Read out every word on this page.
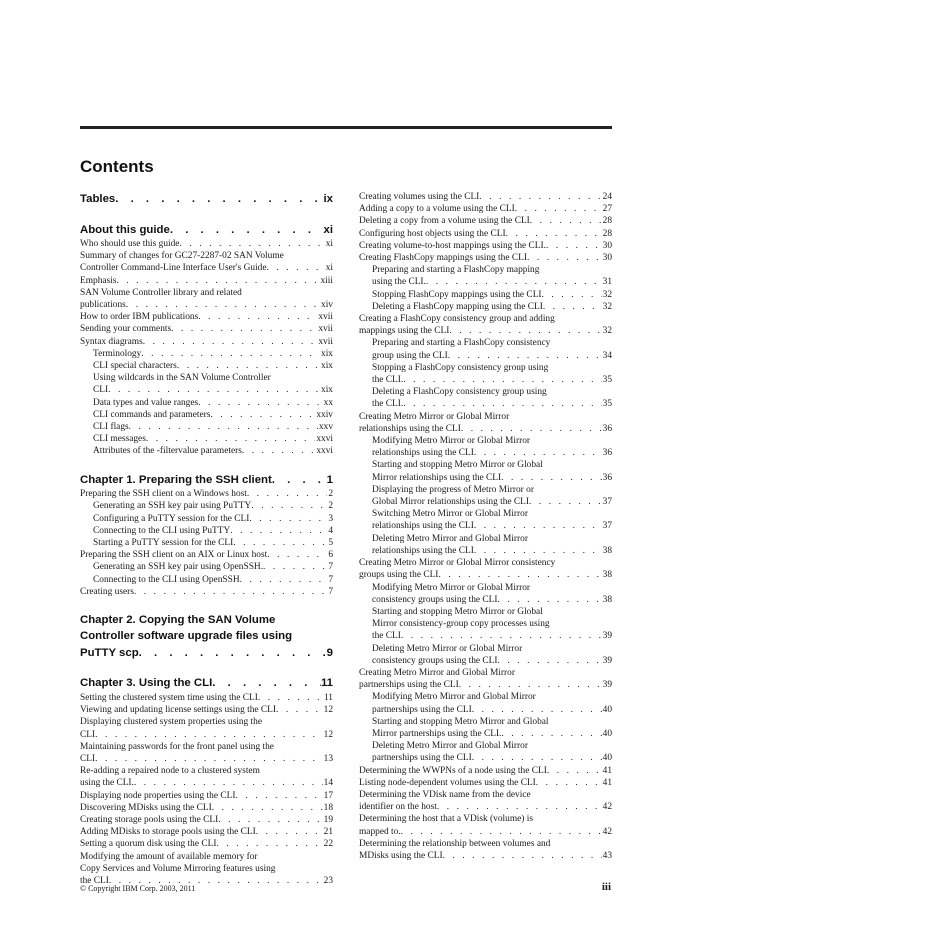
Contents
Tables . . .	ix
About this guide . . .	xi
Who should use this guide . . .	xi
Summary of changes for GC27-2287-02 SAN Volume
Controller Command-Line Interface User's Guide . . .	xi
Emphasis . . .	xiii
SAN Volume Controller library and related
publications . . .	xiv
How to order IBM publications . . .	xvii
Sending your comments . . .	xvii
Syntax diagrams . . .	xvii
Terminology . . .	xix
CLI special characters . . .	xix
Using wildcards in the SAN Volume Controller
CLI . . .	xix
Data types and value ranges . . .	xx
CLI commands and parameters . . .	xxiv
CLI flags . . .	xxv
CLI messages . . .	xxvi
Attributes of the -filtervalue parameters . . .	xxvi
Chapter 1. Preparing the SSH client . . .	1
Preparing the SSH client on a Windows host . . .	2
Generating an SSH key pair using PuTTY . . .	2
Configuring a PuTTY session for the CLI . . .	3
Connecting to the CLI using PuTTY . . .	4
Starting a PuTTY session for the CLI . . .	5
Preparing the SSH client on an AIX or Linux host . . .	6
Generating an SSH key pair using OpenSSH. . . .	7
Connecting to the CLI using OpenSSH . . .	7
Creating users . . .	7
Chapter 2. Copying the SAN Volume
Controller software upgrade files using
PuTTY scp . . .	9
Chapter 3. Using the CLI . . .	11
Setting the clustered system time using the CLI . . .	11
Viewing and updating license settings using the CLI . . .	12
Displaying clustered system properties using the
CLI . . .	12
Maintaining passwords for the front panel using the
CLI . . .	13
Re-adding a repaired node to a clustered system
using the CLI. . . .	14
Displaying node properties using the CLI . . .	17
Discovering MDisks using the CLI . . .	18
Creating storage pools using the CLI . . .	19
Adding MDisks to storage pools using the CLI . . .	21
Setting a quorum disk using the CLI . . .	22
Modifying the amount of available memory for
Copy Services and Volume Mirroring features using
the CLI . . .	23
Creating volumes using the CLI . . .	24
Adding a copy to a volume using the CLI . . .	27
Deleting a copy from a volume using the CLI . . .	28
Configuring host objects using the CLI . . .	28
Creating volume-to-host mappings using the CLI. . . .	30
Creating FlashCopy mappings using the CLI . . .	30
Preparing and starting a FlashCopy mapping
using the CLI. . . .	31
Stopping FlashCopy mappings using the CLI . . .	32
Deleting a FlashCopy mapping using the CLI . . .	32
Creating a FlashCopy consistency group and adding
mappings using the CLI . . .	32
Preparing and starting a FlashCopy consistency
group using the CLI . . .	34
Stopping a FlashCopy consistency group using
the CLI. . . .	35
Deleting a FlashCopy consistency group using
the CLI. . . .	35
Creating Metro Mirror or Global Mirror
relationships using the CLI . . .	36
Modifying Metro Mirror or Global Mirror
relationships using the CLI . . .	36
Starting and stopping Metro Mirror or Global
Mirror relationships using the CLI . . .	36
Displaying the progress of Metro Mirror or
Global Mirror relationships using the CLI . . .	37
Switching Metro Mirror or Global Mirror
relationships using the CLI . . .	37
Deleting Metro Mirror and Global Mirror
relationships using the CLI . . .	38
Creating Metro Mirror or Global Mirror consistency
groups using the CLI . . .	38
Modifying Metro Mirror or Global Mirror
consistency groups using the CLI . . .	38
Starting and stopping Metro Mirror or Global
Mirror consistency-group copy processes using
the CLI . . .	39
Deleting Metro Mirror or Global Mirror
consistency groups using the CLI . . .	39
Creating Metro Mirror and Global Mirror
partnerships using the CLI . . .	39
Modifying Metro Mirror and Global Mirror
partnerships using the CLI . . .	40
Starting and stopping Metro Mirror and Global
Mirror partnerships using the CLI. . . .	40
Deleting Metro Mirror and Global Mirror
partnerships using the CLI . . .	40
Determining the WWPNs of a node using the CLI . . .	41
Listing node-dependent volumes using the CLI . . .	41
Determining the VDisk name from the device
identifier on the host . . .	42
Determining the host that a VDisk (volume) is
mapped to. . . .	42
Determining the relationship between volumes and
MDisks using the CLI . . .	43
© Copyright IBM Corp. 2003, 2011	iii
